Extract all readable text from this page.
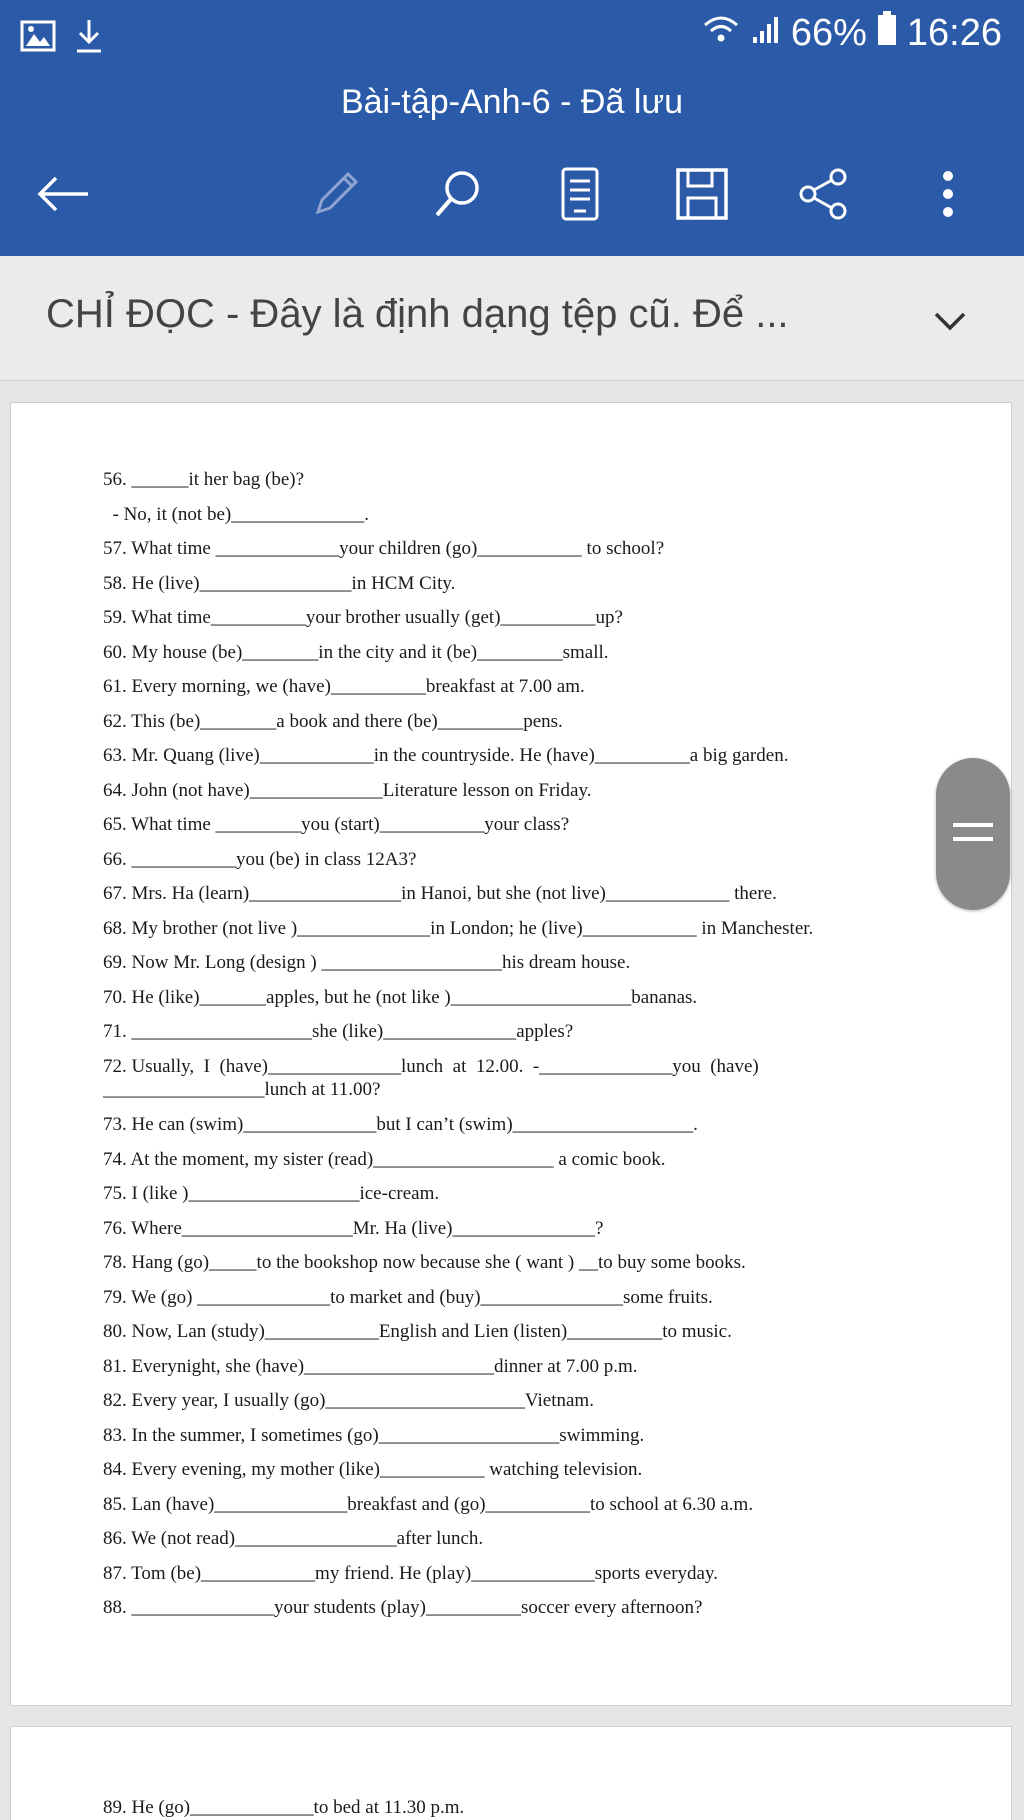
66% 16:26
Bài-tập-Anh-6 - Đã lưu
CHỈ ĐỌC - Đây là định dạng tệp cũ. Để ...
56. ______it her bag (be)?
- No, it (not be)______________.
57. What time _____________your children (go)___________ to school?
58. He (live)________________in HCM City.
59. What time__________your brother usually (get)__________up?
60. My house (be)________in the city and it (be)_________small.
61. Every morning, we (have)__________breakfast at 7.00 am.
62. This (be)________a book and there (be)_________pens.
63. Mr. Quang (live)____________in the countryside. He (have)__________a big garden.
64. John (not have)______________Literature lesson on Friday.
65. What time _________you (start)___________your class?
66. ___________you (be) in class 12A3?
67. Mrs. Ha (learn)________________in Hanoi, but she (not live)_____________ there.
68. My brother (not live )______________in London; he (live)____________ in Manchester.
69. Now Mr. Long (design ) ___________________his dream house.
70. He (like)_______apples, but he (not like )___________________bananas.
71. ___________________she (like)______________apples?
72. Usually,  I  (have)______________lunch  at  12.00.  -______________you  (have)
_________________lunch at 11.00?
73. He can (swim)______________but I can’t (swim)___________________.
74. At the moment, my sister (read)___________________ a comic book.
75. I (like )__________________ice-cream.
76. Where__________________Mr. Ha (live)_______________?
78. Hang (go)_____to the bookshop now because she ( want ) __to buy some books.
79. We (go) ______________to market and (buy)_______________some fruits.
80. Now, Lan (study)____________English and Lien (listen)__________to music.
81. Everynight, she (have)____________________dinner at 7.00 p.m.
82. Every year, I usually (go)_____________________Vietnam.
83. In the summer, I sometimes (go)___________________swimming.
84. Every evening, my mother (like)___________ watching television.
85. Lan (have)______________breakfast and (go)___________to school at 6.30 a.m.
86. We (not read)_________________after lunch.
87. Tom (be)____________my friend. He (play)_____________sports everyday.
88. _______________your students (play)__________soccer every afternoon?
89. He (go)_____________to bed at 11.30 p.m.
